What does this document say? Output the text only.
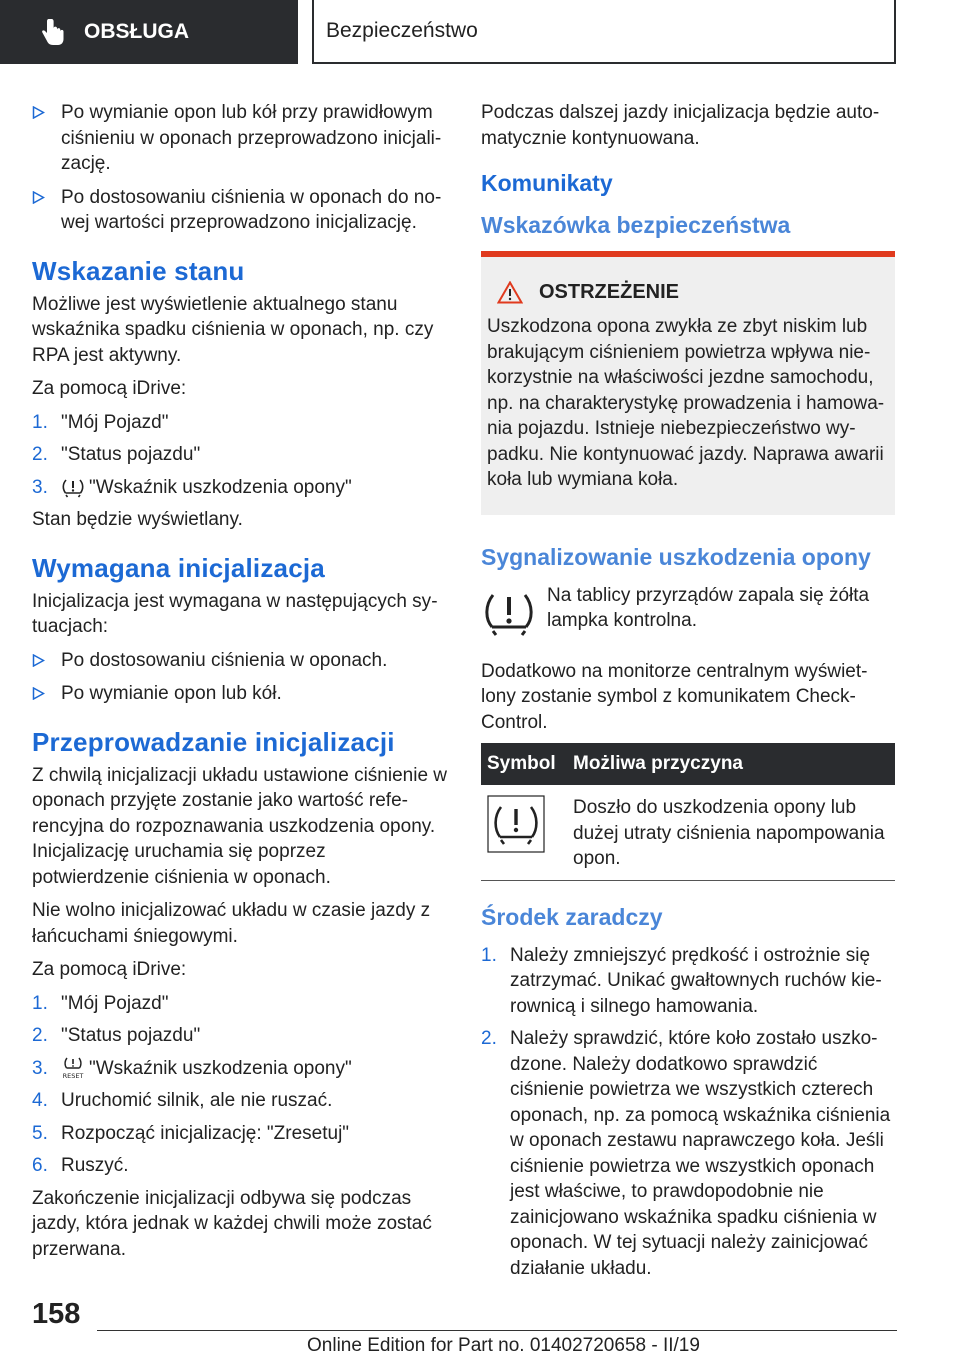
OBSŁUGA	Bezpieczeństwo
Po wymianie opon lub kół przy prawidłowym ciśnieniu w oponach przeprowadzono inicjalizację.
Po dostosowaniu ciśnienia w oponach do nowej wartości przeprowadzono inicjalizację.
Wskazanie stanu

Możliwe jest wyświetlenie aktualnego stanu wskaźnika spadku ciśnienia w oponach, np. czy RPA jest aktywny.

Za pomocą iDrive:

1. "Mój Pojazd"
2. "Status pojazdu"
3. "Wskaźnik uszkodzenia opony"

Stan będzie wyświetlany.

Wymagana inicjalizacja

Inicjalizacja jest wymagana w następujących sytuacjach:

Po dostosowaniu ciśnienia w oponach.
Po wymianie opon lub kół.
Przeprowadzanie inicjalizacji

Z chwilą inicjalizacji układu ustawione ciśnienie w oponach przyjęte zostanie jako wartość referencyjna do rozpoznawania uszkodzenia opony. Inicjalizację uruchamia się poprzez potwierdzenie ciśnienia w oponach.

Nie wolno inicjalizować układu w czasie jazdy z łańcuchami śniegowymi.

Za pomocą iDrive:

1. "Mój Pojazd"
2. "Status pojazdu"
3. RESET "Wskaźnik uszkodzenia opony"
4. Uruchomić silnik, ale nie ruszać.
5. Rozpocząć inicjalizację: "Zresetuj"
6. Ruszyć.

Zakończenie inicjalizacji odbywa się podczas jazdy, która jednak w każdej chwili może zostać przerwana.

Podczas dalszej jazdy inicjalizacja będzie automatycznie kontynuowana.

Komunikaty
Wskazówka bezpieczeństwa
OSTRZEŻENIE

Uszkodzona opona zwykła ze zbyt niskim lub brakującym ciśnieniem powietrza wpływa niekorzystnie na właściwości jezdne samochodu, np. na charakterystykę prowadzenia i hamowania pojazdu. Istnieje niebezpieczeństwo wypadku. Nie kontynuować jazdy. Naprawa awarii koła lub wymiana koła.

Sygnalizowanie uszkodzenia opony

Na tablicy przyrządów zapala się żółta lampka kontrolna.

Dodatkowo na monitorze centralnym wyświetlony zostanie symbol z komunikatem Check-Control.

Symbol	Możliwa przyczyna
	Doszło do uszkodzenia opony lub dużej utraty ciśnienia napompowania opon.
Środek zaradczy
1. Należy zmniejszyć prędkość i ostrożnie się zatrzymać. Unikać gwałtownych ruchów kierownicą i silnego hamowania.
2. Należy sprawdzić, które koło zostało uszkodzone. Należy dodatkowo sprawdzić ciśnienie powietrza we wszystkich czterech oponach, np. za pomocą wskaźnika ciśnienia w oponach zestawu naprawczego koła. Jeśli ciśnienie powietrza we wszystkich oponach jest właściwe, to prawdopodobnie nie zainicjowano wskaźnika spadku ciśnienia w oponach. W tej sytuacji należy zainicjować działanie układu.
158
Online Edition for Part no. 01402720658 - II/19
